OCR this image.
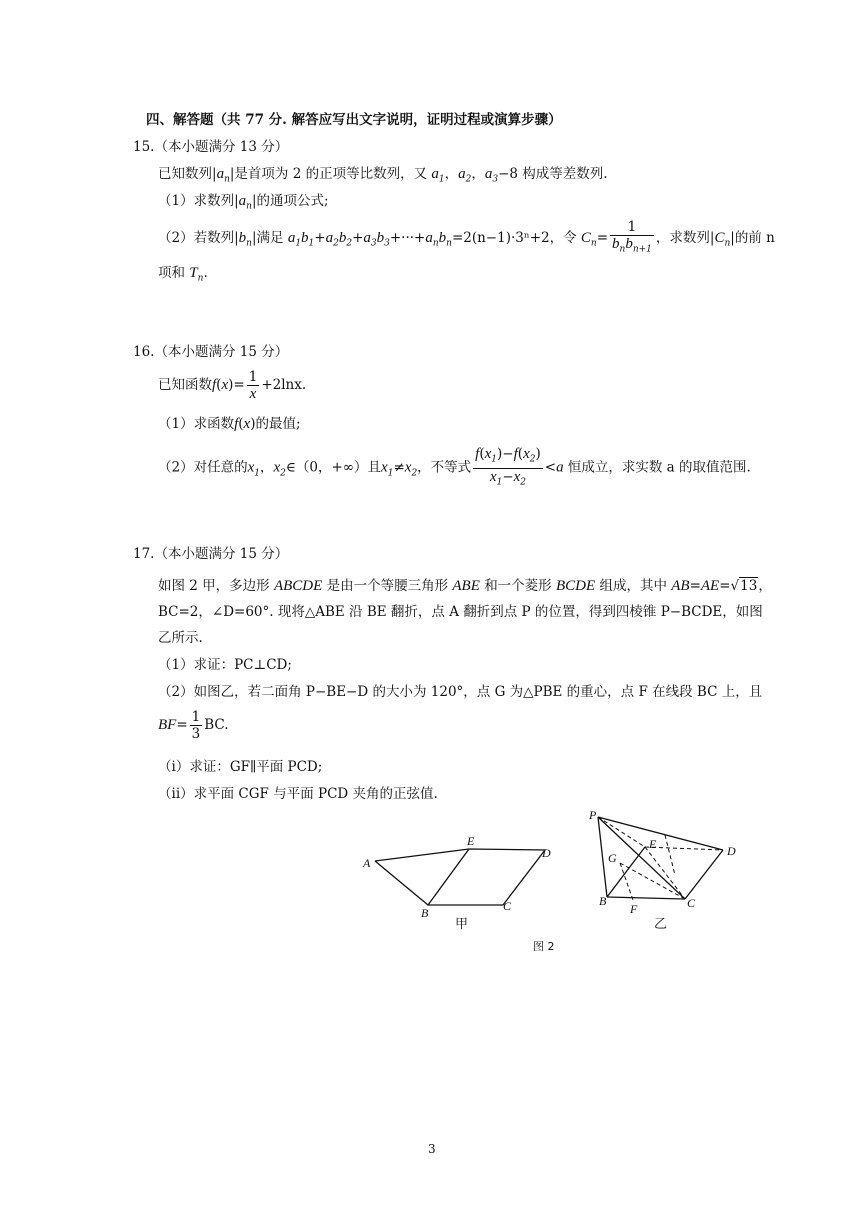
四、解答题（共 77 分. 解答应写出文字说明，证明过程或演算步骤）
15.（本小题满分 13 分）
已知数列$|a_n|$是首项为 2 的正项等比数列，又 $a_1$，$a_2$，$a_3-8$ 构成等差数列.
（1）求数列$|a_n|$的通项公式;
（2）若数列$|b_n|$满足 $a_1b_1+a_2b_2+a_3b_3+\cdot\cdot\cdot+a_nb_n=2(n-1)\cdot 3^n+2$，令 $C_n= \frac{1}{b_nb_{n+1}}$ ，求数列$|C_n|$的前 n
项和 $T_n$.
16.（本小题满分 15 分）
已知函数$f(x)= \frac{1}{x} +2\ln x$.
（1）求函数f(x)的最值;
（2）对任意的$x_1$，$x_2\in(0$，+∞）且$x_1\ne x_2$，不等式 $\frac{f(x_1)-f(x_2)}{x_1-x_2} <a$ 恒成立，求实数 a 的取值范围.
17.（本小题满分 15 分）
如图 2 甲，多边形 ABCDE 是由一个等腰三角形 ABE 和一个菱形 BCDE 组成，其中 AB=AE=√13，
BC=2，∠D=60°. 现将△ABE 沿 BE 翻折，点 A 翻折到点 P 的位置，得到四棱锥 P−BCDE，如图
乙所示.
（1）求证：PC⊥CD;
（2）如图乙，若二面角 P−BE−D 的大小为 120°，点 G 为△PBE 的重心，点 F 在线段 BC 上，且
$BF= \frac{1}{3}$ BC.
（i）求证：GF∥平面 PCD;
（ii）求平面 CGF 与平面 PCD 夹角的正弦值.
A
E
D
B	C
甲
P
E	D
G
B
F	C
乙
图 2
3
